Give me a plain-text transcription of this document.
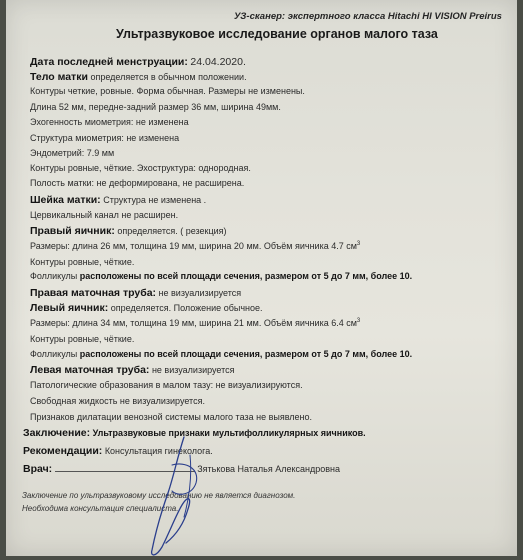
УЗ-сканер: экспертного класса Hitachi HI VISION Preirus
Ультразвуковое исследование органов малого таза
Дата последней менструации: 24.04.2020.
Тело матки определяется в обычном положении.
Контуры четкие, ровные. Форма обычная. Размеры не изменены.
Длина 52 мм, передне-задний размер 36 мм, ширина 49мм.
Эхогенность миометрия: не изменена
Структура миометрия: не изменена
Эндометрий: 7.9 мм
Контуры ровные, чёткие. Эхоструктура: однородная.
Полость матки: не деформирована, не расширена.
Шейка матки: Структура не изменена .
Цервикальный канал не расширен.
Правый яичник: определяется. ( резекция)
Размеры: длина 26 мм, толщина 19 мм, ширина 20 мм. Объём яичника 4.7 $см^3$
Контуры ровные, чёткие.
Фолликулы расположены по всей площади сечения, размером от 5 до 7 мм, более 10.
Правая маточная труба: не визуализируется
Левый яичник: определяется. Положение обычное.
Размеры: длина 34 мм, толщина 19 мм, ширина 21 мм. Объём яичника 6.4 $см^3$
Контуры ровные, чёткие.
Фолликулы расположены по всей площади сечения, размером от 5 до 7 мм, более 10.
Левая маточная труба: не визуализируется
Патологические образования в малом тазу: не визуализируются.
Свободная жидкость не визуализируется.
Признаков дилатации венозной системы малого таза не выявлено.
Заключение: Ультразвуковые признаки мультифолликулярных яичников.
Рекомендации: Консультация гинеколога.
Врач:	Зятькова Наталья Александровна
Заключение по ультразвуковому исследованию не является диагнозом.
Необходима консультация специалиста.
